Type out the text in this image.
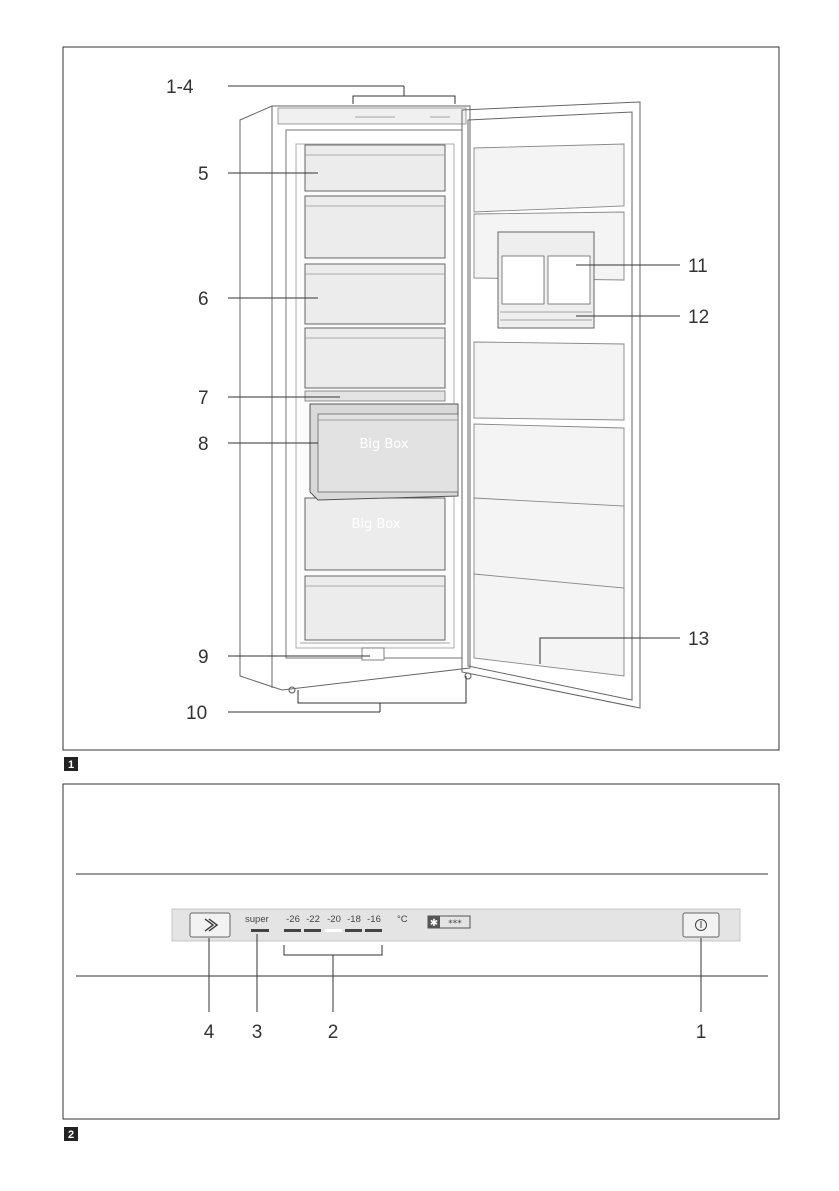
Big Box
Big Box
1-4
5
6
7
8
9
10
11
12
13
1
super -26 -22 -20 -18 -16 °C ✱ ***
4 3	2	1
2
